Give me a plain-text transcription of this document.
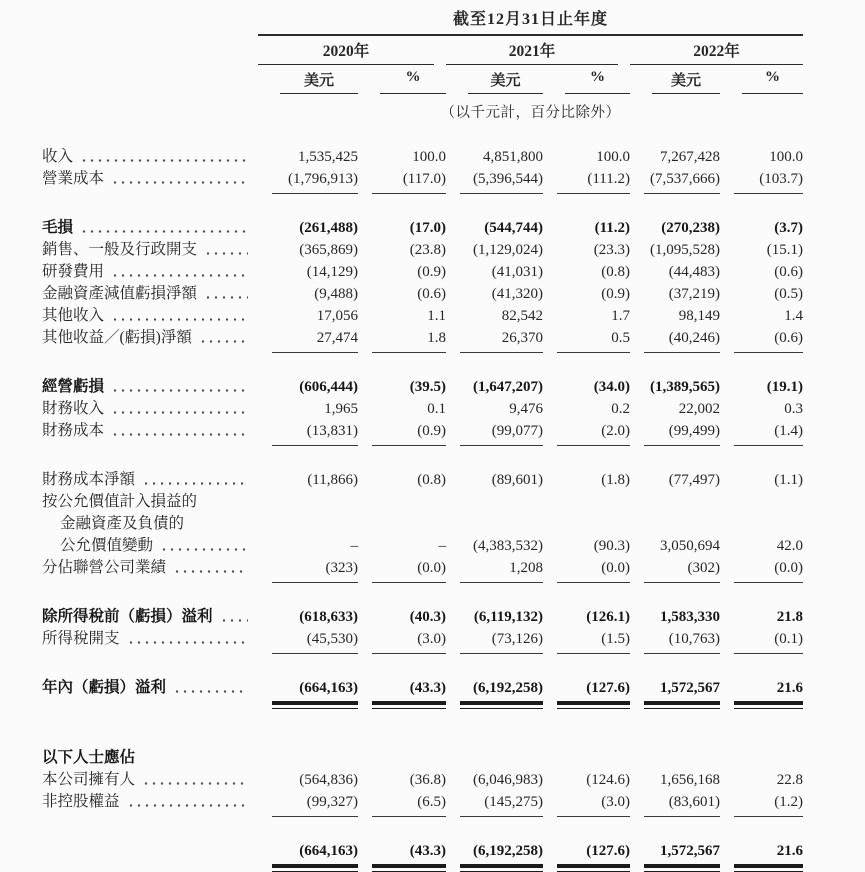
截至12月31日止年度
2020年	2021年	2022年
美元	%	美元	%	美元	%
（以千元計，百分比除外）
收入	1,535,425	100.0	4,851,800	100.0	7,267,428	100.0
營業成本	(1,796,913)	(117.0)	(5,396,544)	(111.2)	(7,537,666)	(103.7)
毛損	(261,488)	(17.0)	(544,744)	(11.2)	(270,238)	(3.7)
銷售、一般及行政開支	(365,869)	(23.8)	(1,129,024)	(23.3)	(1,095,528)	(15.1)
研發費用	(14,129)	(0.9)	(41,031)	(0.8)	(44,483)	(0.6)
金融資產減值虧損淨額	(9,488)	(0.6)	(41,320)	(0.9)	(37,219)	(0.5)
其他收入	17,056	1.1	82,542	1.7	98,149	1.4
其他收益／(虧損)淨額	27,474	1.8	26,370	0.5	(40,246)	(0.6)
經營虧損	(606,444)	(39.5)	(1,647,207)	(34.0)	(1,389,565)	(19.1)
財務收入	1,965	0.1	9,476	0.2	22,002	0.3
財務成本	(13,831)	(0.9)	(99,077)	(2.0)	(99,499)	(1.4)
財務成本淨額	(11,866)	(0.8)	(89,601)	(1.8)	(77,497)	(1.1)
按公允價值計入損益的
金融資產及負債的
公允價值變動	–	–	(4,383,532)	(90.3)	3,050,694	42.0
分佔聯營公司業績	(323)	(0.0)	1,208	(0.0)	(302)	(0.0)
除所得稅前（虧損）溢利	(618,633)	(40.3)	(6,119,132)	(126.1)	1,583,330	21.8
所得稅開支	(45,530)	(3.0)	(73,126)	(1.5)	(10,763)	(0.1)
年內（虧損）溢利	(664,163)	(43.3)	(6,192,258)	(127.6)	1,572,567	21.6
以下人士應佔
本公司擁有人	(564,836)	(36.8)	(6,046,983)	(124.6)	1,656,168	22.8
非控股權益	(99,327)	(6.5)	(145,275)	(3.0)	(83,601)	(1.2)
(664,163)	(43.3)	(6,192,258)	(127.6)	1,572,567	21.6
